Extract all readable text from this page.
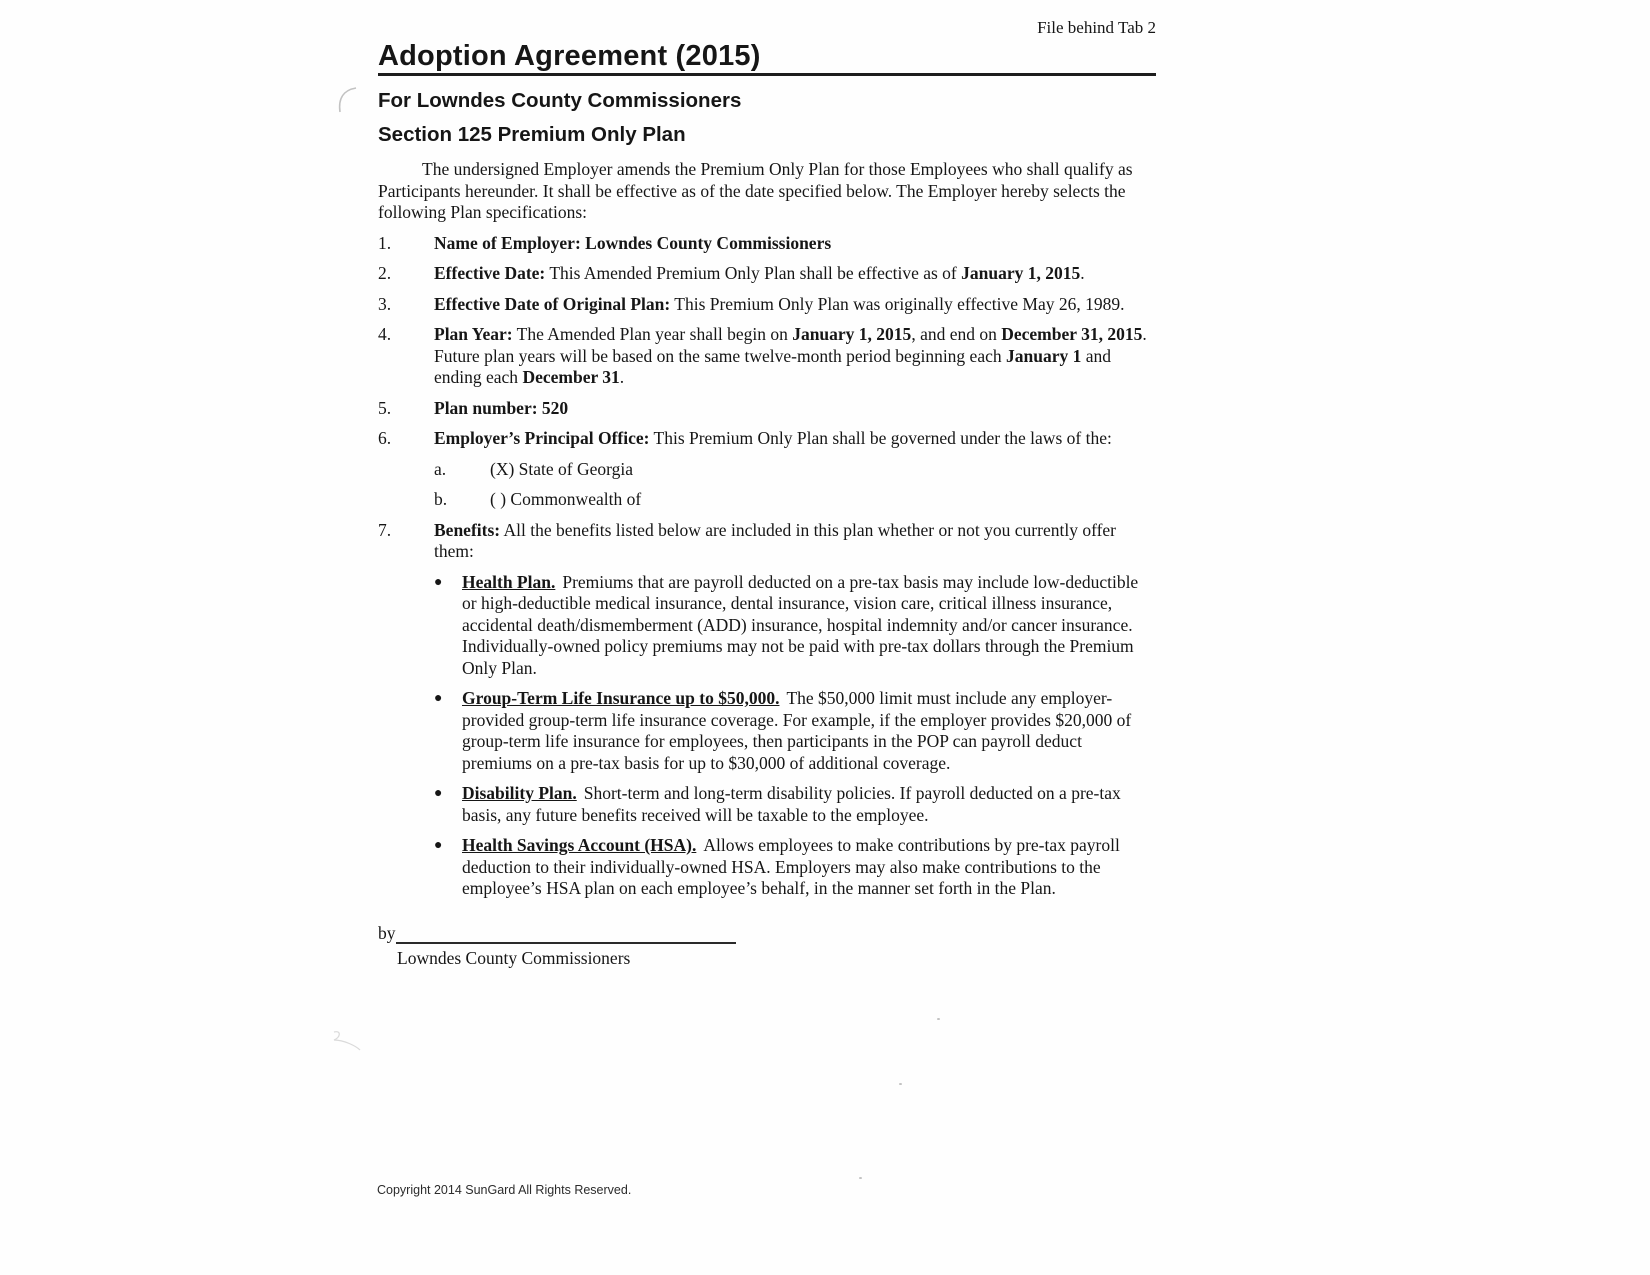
File behind Tab 2
Adoption Agreement (2015)
For Lowndes County Commissioners
Section 125 Premium Only Plan
The undersigned Employer amends the Premium Only Plan for those Employees who shall qualify as Participants hereunder. It shall be effective as of the date specified below. The Employer hereby selects the following Plan specifications:
1.	Name of Employer: Lowndes County Commissioners
2.	Effective Date: This Amended Premium Only Plan shall be effective as of January 1, 2015.
3.	Effective Date of Original Plan: This Premium Only Plan was originally effective May 26, 1989.
4.	Plan Year: The Amended Plan year shall begin on January 1, 2015, and end on December 31, 2015. Future plan years will be based on the same twelve-month period beginning each January 1 and ending each December 31.
5.	Plan number: 520
6.	Employer’s Principal Office: This Premium Only Plan shall be governed under the laws of the:
a.	(X) State of Georgia
b.	( ) Commonwealth of
7.	Benefits: All the benefits listed below are included in this plan whether or not you currently offer them:
●	Health Plan. Premiums that are payroll deducted on a pre-tax basis may include low-deductible or high-deductible medical insurance, dental insurance, vision care, critical illness insurance, accidental death/dismemberment (ADD) insurance, hospital indemnity and/or cancer insurance. Individually-owned policy premiums may not be paid with pre-tax dollars through the Premium Only Plan.
●	Group-Term Life Insurance up to $50,000. The $50,000 limit must include any employer-provided group-term life insurance coverage. For example, if the employer provides $20,000 of group-term life insurance for employees, then participants in the POP can payroll deduct premiums on a pre-tax basis for up to $30,000 of additional coverage.
●	Disability Plan. Short-term and long-term disability policies. If payroll deducted on a pre-tax basis, any future benefits received will be taxable to the employee.
●	Health Savings Account (HSA). Allows employees to make contributions by pre-tax payroll deduction to their individually-owned HSA. Employers may also make contributions to the employee’s HSA plan on each employee’s behalf, in the manner set forth in the Plan.
by
Lowndes County Commissioners
Copyright 2014 SunGard All Rights Reserved.
